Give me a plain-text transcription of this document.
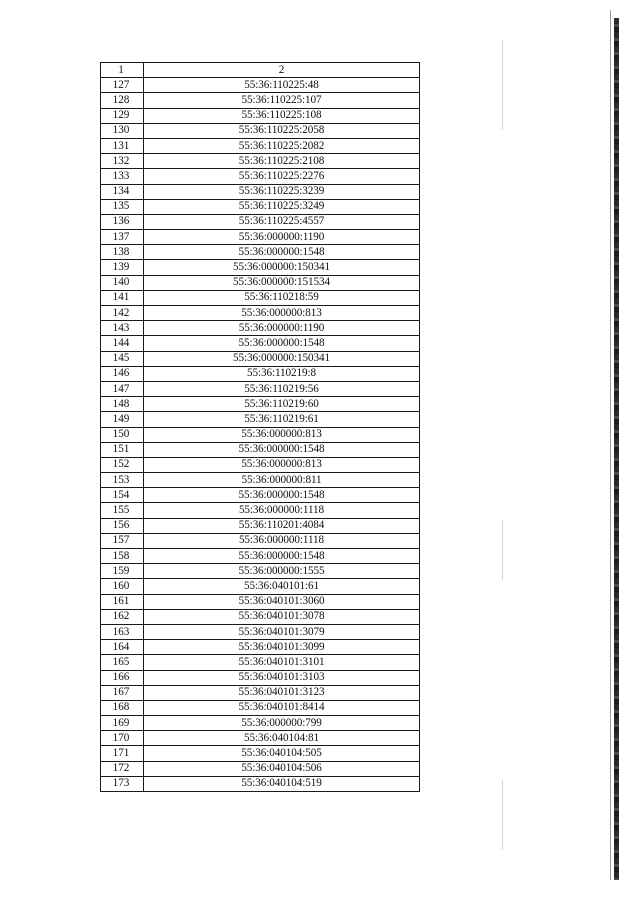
1	2
127	55:36:110225:48
128	55:36:110225:107
129	55:36:110225:108
130	55:36:110225:2058
131	55:36:110225:2082
132	55:36:110225:2108
133	55:36:110225:2276
134	55:36:110225:3239
135	55:36:110225:3249
136	55:36:110225:4557
137	55:36:000000:1190
138	55:36:000000:1548
139	55:36:000000:150341
140	55:36:000000:151534
141	55:36:110218:59
142	55:36:000000:813
143	55:36:000000:1190
144	55:36:000000:1548
145	55:36:000000:150341
146	55:36:110219:8
147	55:36:110219:56
148	55:36:110219:60
149	55:36:110219:61
150	55:36:000000:813
151	55:36:000000:1548
152	55:36:000000:813
153	55:36:000000:811
154	55:36:000000:1548
155	55:36:000000:1118
156	55:36:110201:4084
157	55:36:000000:1118
158	55:36:000000:1548
159	55:36:000000:1555
160	55:36:040101:61
161	55:36:040101:3060
162	55:36:040101:3078
163	55:36:040101:3079
164	55:36:040101:3099
165	55:36:040101:3101
166	55:36:040101:3103
167	55:36:040101:3123
168	55:36:040101:8414
169	55:36:000000:799
170	55:36:040104:81
171	55:36:040104:505
172	55:36:040104:506
173	55:36:040104:519
